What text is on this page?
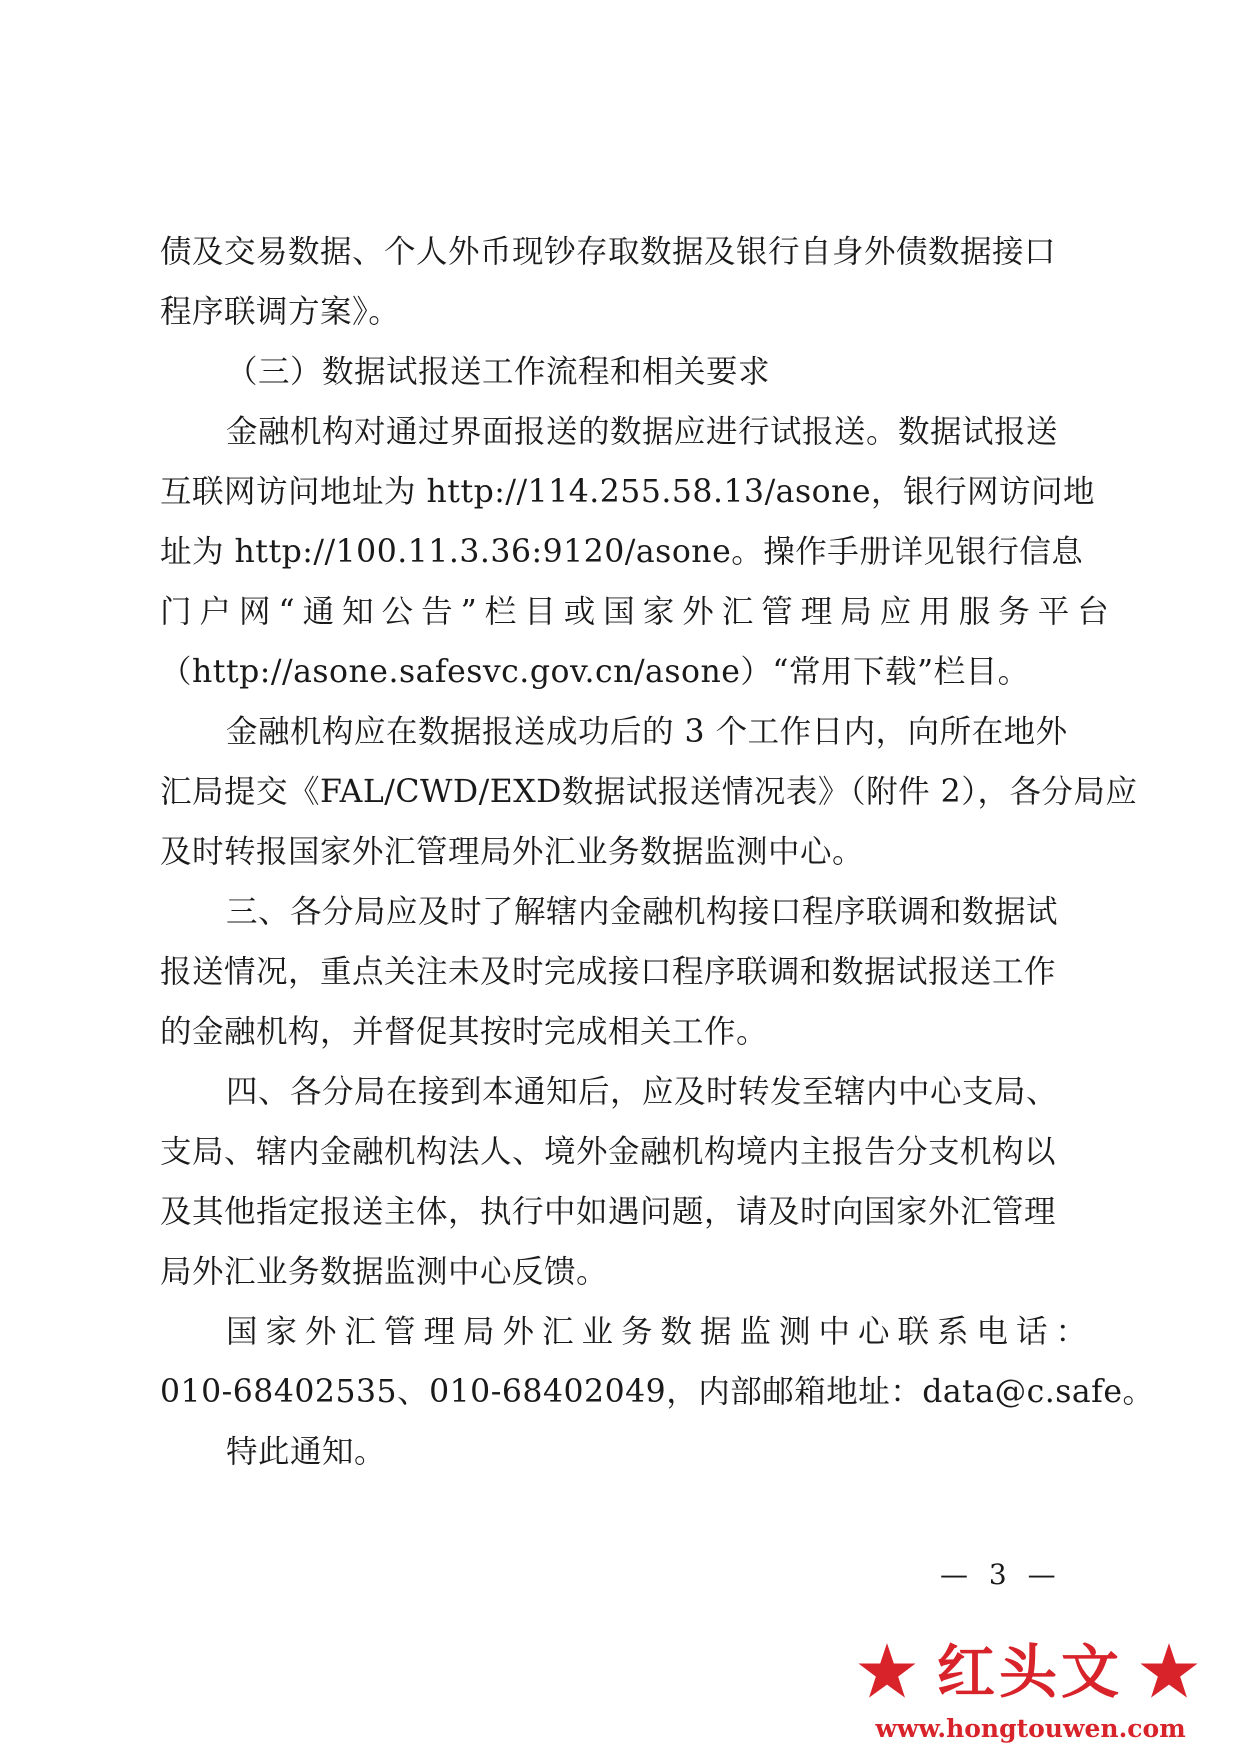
债及交易数据、个人外币现钞存取数据及银行自身外债数据接口
程序联调方案》。
（三）数据试报送工作流程和相关要求
金融机构对通过界面报送的数据应进行试报送。数据试报送
互联网访问地址为 http://114.255.58.13/asone，银行网访问地
址为 http://100.11.3.36:9120/asone。操作手册详见银行信息
门户网“通知公告”栏目或国家外汇管理局应用服务平台
（http://asone.safesvc.gov.cn/asone）“常用下载”栏目。
金融机构应在数据报送成功后的 3 个工作日内，向所在地外
汇局提交《FAL/CWD/EXD数据试报送情况表》（附件 2），各分局应
及时转报国家外汇管理局外汇业务数据监测中心。
三、各分局应及时了解辖内金融机构接口程序联调和数据试
报送情况，重点关注未及时完成接口程序联调和数据试报送工作
的金融机构，并督促其按时完成相关工作。
四、各分局在接到本通知后，应及时转发至辖内中心支局、
支局、辖内金融机构法人、境外金融机构境内主报告分支机构以
及其他指定报送主体，执行中如遇问题，请及时向国家外汇管理
局外汇业务数据监测中心反馈。
国家外汇管理局外汇业务数据监测中心联系电话：
010-68402535、010-68402049，内部邮箱地址：data@c.safe。
特此通知。
— 3 —
红头文
www.hongtouwen.com
